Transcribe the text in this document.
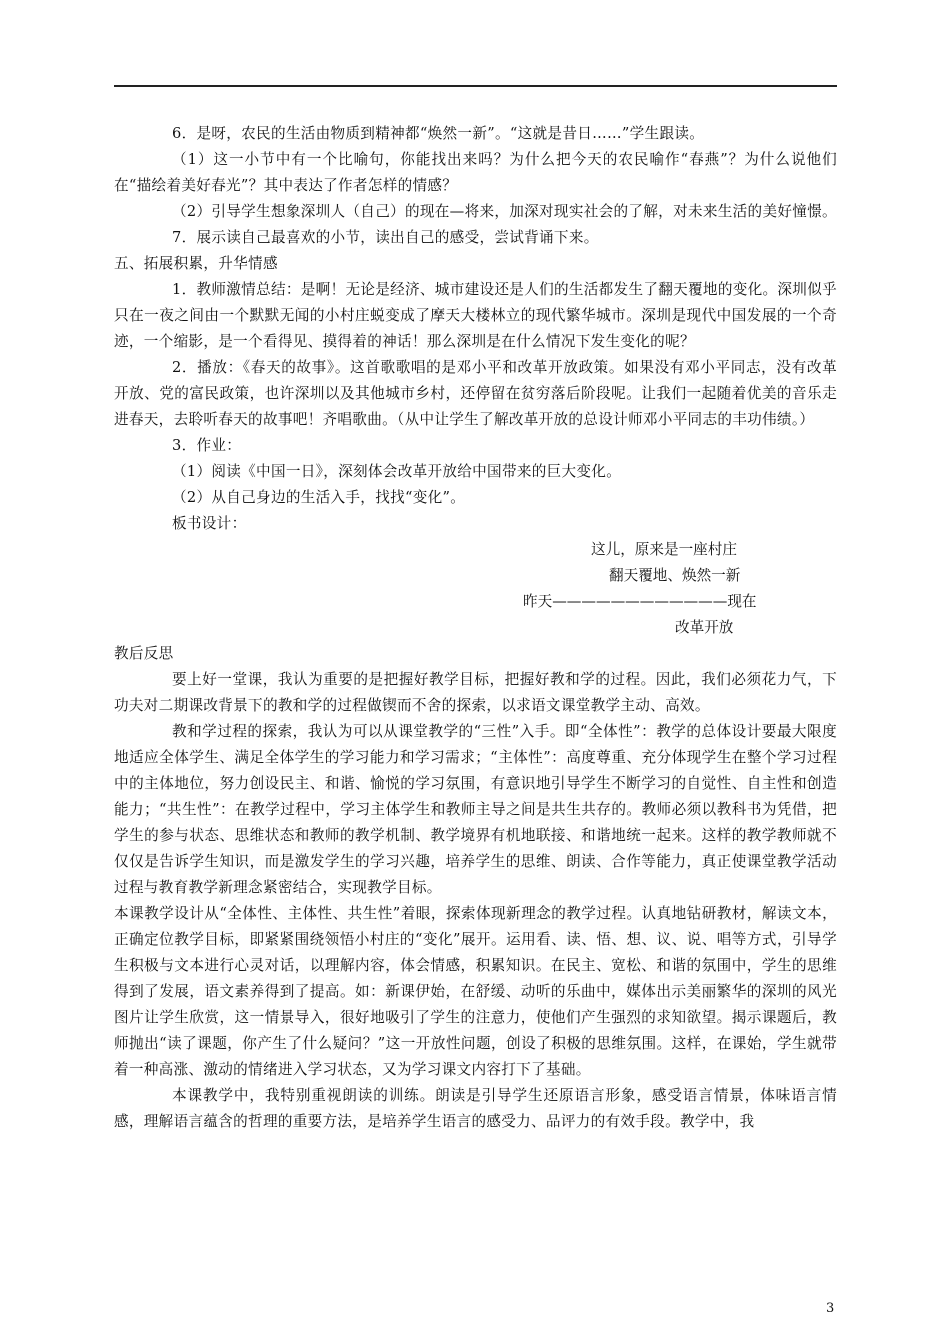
6．是呀，农民的生活由物质到精神都“焕然一新”。“这就是昔日……”学生跟读。

（1）这一小节中有一个比喻句，你能找出来吗？为什么把今天的农民喻作“春燕”？为什么说他们在“描绘着美好春光”？其中表达了作者怎样的情感？

（2）引导学生想象深圳人（自己）的现在—将来，加深对现实社会的了解，对未来生活的美好憧憬。

7．展示读自己最喜欢的小节，读出自己的感受，尝试背诵下来。

五、拓展积累，升华情感

1．教师激情总结：是啊！无论是经济、城市建设还是人们的生活都发生了翻天覆地的变化。深圳似乎只在一夜之间由一个默默无闻的小村庄蜕变成了摩天大楼林立的现代繁华城市。深圳是现代中国发展的一个奇迹，一个缩影，是一个看得见、摸得着的神话！那么深圳是在什么情况下发生变化的呢？

2．播放：《春天的故事》。这首歌歌唱的是邓小平和改革开放政策。如果没有邓小平同志，没有改革开放、党的富民政策，也许深圳以及其他城市乡村，还停留在贫穷落后阶段呢。让我们一起随着优美的音乐走进春天，去聆听春天的故事吧！齐唱歌曲。（从中让学生了解改革开放的总设计师邓小平同志的丰功伟绩。）

3．作业：

（1）阅读《中国一日》，深刻体会改革开放给中国带来的巨大变化。

（2）从自己身边的生活入手，找找“变化”。

板书设计：

这儿，原来是一座村庄
翻天覆地、焕然一新
昨天————————————现在
改革开放

教后反思

要上好一堂课，我认为重要的是把握好教学目标，把握好教和学的过程。因此，我们必须花力气，下功夫对二期课改背景下的教和学的过程做锲而不舍的探索，以求语文课堂教学主动、高效。

教和学过程的探索，我认为可以从课堂教学的“三性”入手。即“全体性”：教学的总体设计要最大限度地适应全体学生、满足全体学生的学习能力和学习需求；“主体性”：高度尊重、充分体现学生在整个学习过程中的主体地位，努力创设民主、和谐、愉悦的学习氛围，有意识地引导学生不断学习的自觉性、自主性和创造能力；“共生性”：在教学过程中，学习主体学生和教师主导之间是共生共存的。教师必须以教科书为凭借，把学生的参与状态、思维状态和教师的教学机制、教学境界有机地联接、和谐地统一起来。这样的教学教师就不仅仅是告诉学生知识，而是激发学生的学习兴趣，培养学生的思维、朗读、合作等能力，真正使课堂教学活动过程与教育教学新理念紧密结合，实现教学目标。

本课教学设计从“全体性、主体性、共生性”着眼，探索体现新理念的教学过程。认真地钻研教材，解读文本，正确定位教学目标，即紧紧围绕领悟小村庄的“变化”展开。运用看、读、悟、想、议、说、唱等方式，引导学生积极与文本进行心灵对话，以理解内容，体会情感，积累知识。在民主、宽松、和谐的氛围中，学生的思维得到了发展，语文素养得到了提高。如：新课伊始，在舒缓、动听的乐曲中，媒体出示美丽繁华的深圳的风光图片让学生欣赏，这一情景导入，很好地吸引了学生的注意力，使他们产生强烈的求知欲望。揭示课题后，教师抛出“读了课题，你产生了什么疑问？”这一开放性问题，创设了积极的思维氛围。这样，在课始，学生就带着一种高涨、激动的情绪进入学习状态，又为学习课文内容打下了基础。

本课教学中，我特别重视朗读的训练。朗读是引导学生还原语言形象，感受语言情景，体味语言情感，理解语言蕴含的哲理的重要方法，是培养学生语言的感受力、品评力的有效手段。教学中，我

3
